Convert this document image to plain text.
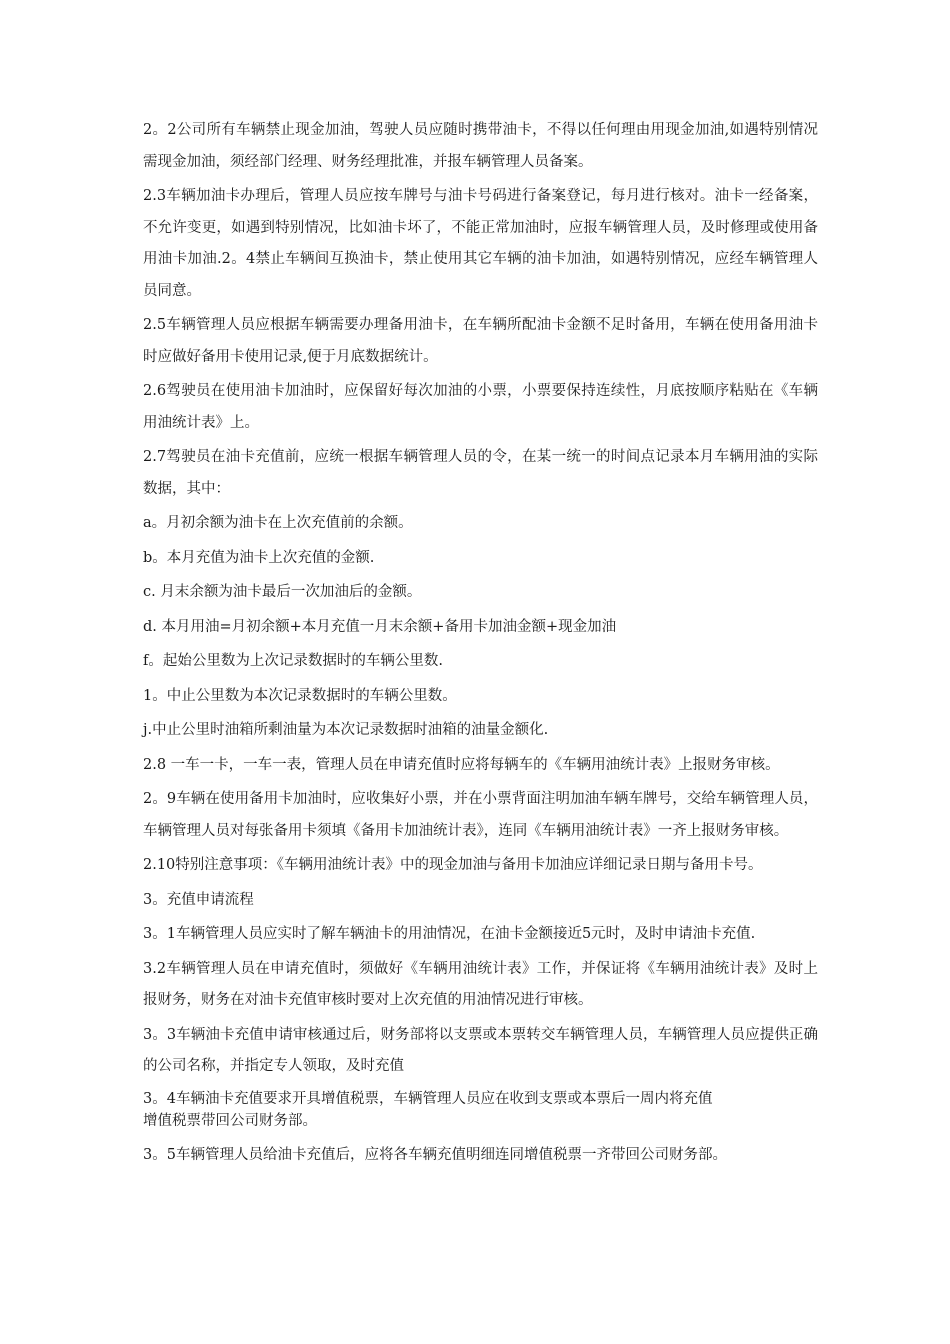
2。2公司所有车辆禁止现金加油，驾驶人员应随时携带油卡，不得以任何理由用现金加油,如遇特别情况需现金加油，须经部门经理、财务经理批准，并报车辆管理人员备案。

2.3车辆加油卡办理后，管理人员应按车牌号与油卡号码进行备案登记，每月进行核对。油卡一经备案，不允许变更，如遇到特别情况，比如油卡坏了，不能正常加油时，应报车辆管理人员，及时修理或使用备用油卡加油.2。4禁止车辆间互换油卡，禁止使用其它车辆的油卡加油，如遇特别情况，应经车辆管理人员同意。

2.5车辆管理人员应根据车辆需要办理备用油卡，在车辆所配油卡金额不足时备用，车辆在使用备用油卡时应做好备用卡使用记录,便于月底数据统计。

2.6驾驶员在使用油卡加油时，应保留好每次加油的小票，小票要保持连续性，月底按顺序粘贴在《车辆用油统计表》上。

2.7驾驶员在油卡充值前，应统一根据车辆管理人员的令，在某一统一的时间点记录本月车辆用油的实际数据，其中：

a。月初余额为油卡在上次充值前的余额。

b。本月充值为油卡上次充值的金额.

c. 月末余额为油卡最后一次加油后的金额。

d. 本月用油=月初余额+本月充值一月末余额+备用卡加油金额+现金加油

f。起始公里数为上次记录数据时的车辆公里数.

1。中止公里数为本次记录数据时的车辆公里数。

j.中止公里时油箱所剩油量为本次记录数据时油箱的油量金额化.

2.8 一车一卡，一车一表，管理人员在申请充值时应将每辆车的《车辆用油统计表》上报财务审核。

2。9车辆在使用备用卡加油时，应收集好小票，并在小票背面注明加油车辆车牌号，交给车辆管理人员，车辆管理人员对每张备用卡须填《备用卡加油统计表》，连同《车辆用油统计表》一齐上报财务审核。

2.10特别注意事项：《车辆用油统计表》中的现金加油与备用卡加油应详细记录日期与备用卡号。

3。充值申请流程

3。1车辆管理人员应实时了解车辆油卡的用油情况，在油卡金额接近5元时，及时申请油卡充值.

3.2车辆管理人员在申请充值时，须做好《车辆用油统计表》工作，并保证将《车辆用油统计表》及时上报财务，财务在对油卡充值审核时要对上次充值的用油情况进行审核。

3。3车辆油卡充值申请审核通过后，财务部将以支票或本票转交车辆管理人员，车辆管理人员应提供正确的公司名称，并指定专人领取，及时充值

3。4车辆油卡充值要求开具增值税票，车辆管理人员应在收到支票或本票后一周内将充值
增值税票带回公司财务部。

3。5车辆管理人员给油卡充值后，应将各车辆充值明细连同增值税票一齐带回公司财务部。
